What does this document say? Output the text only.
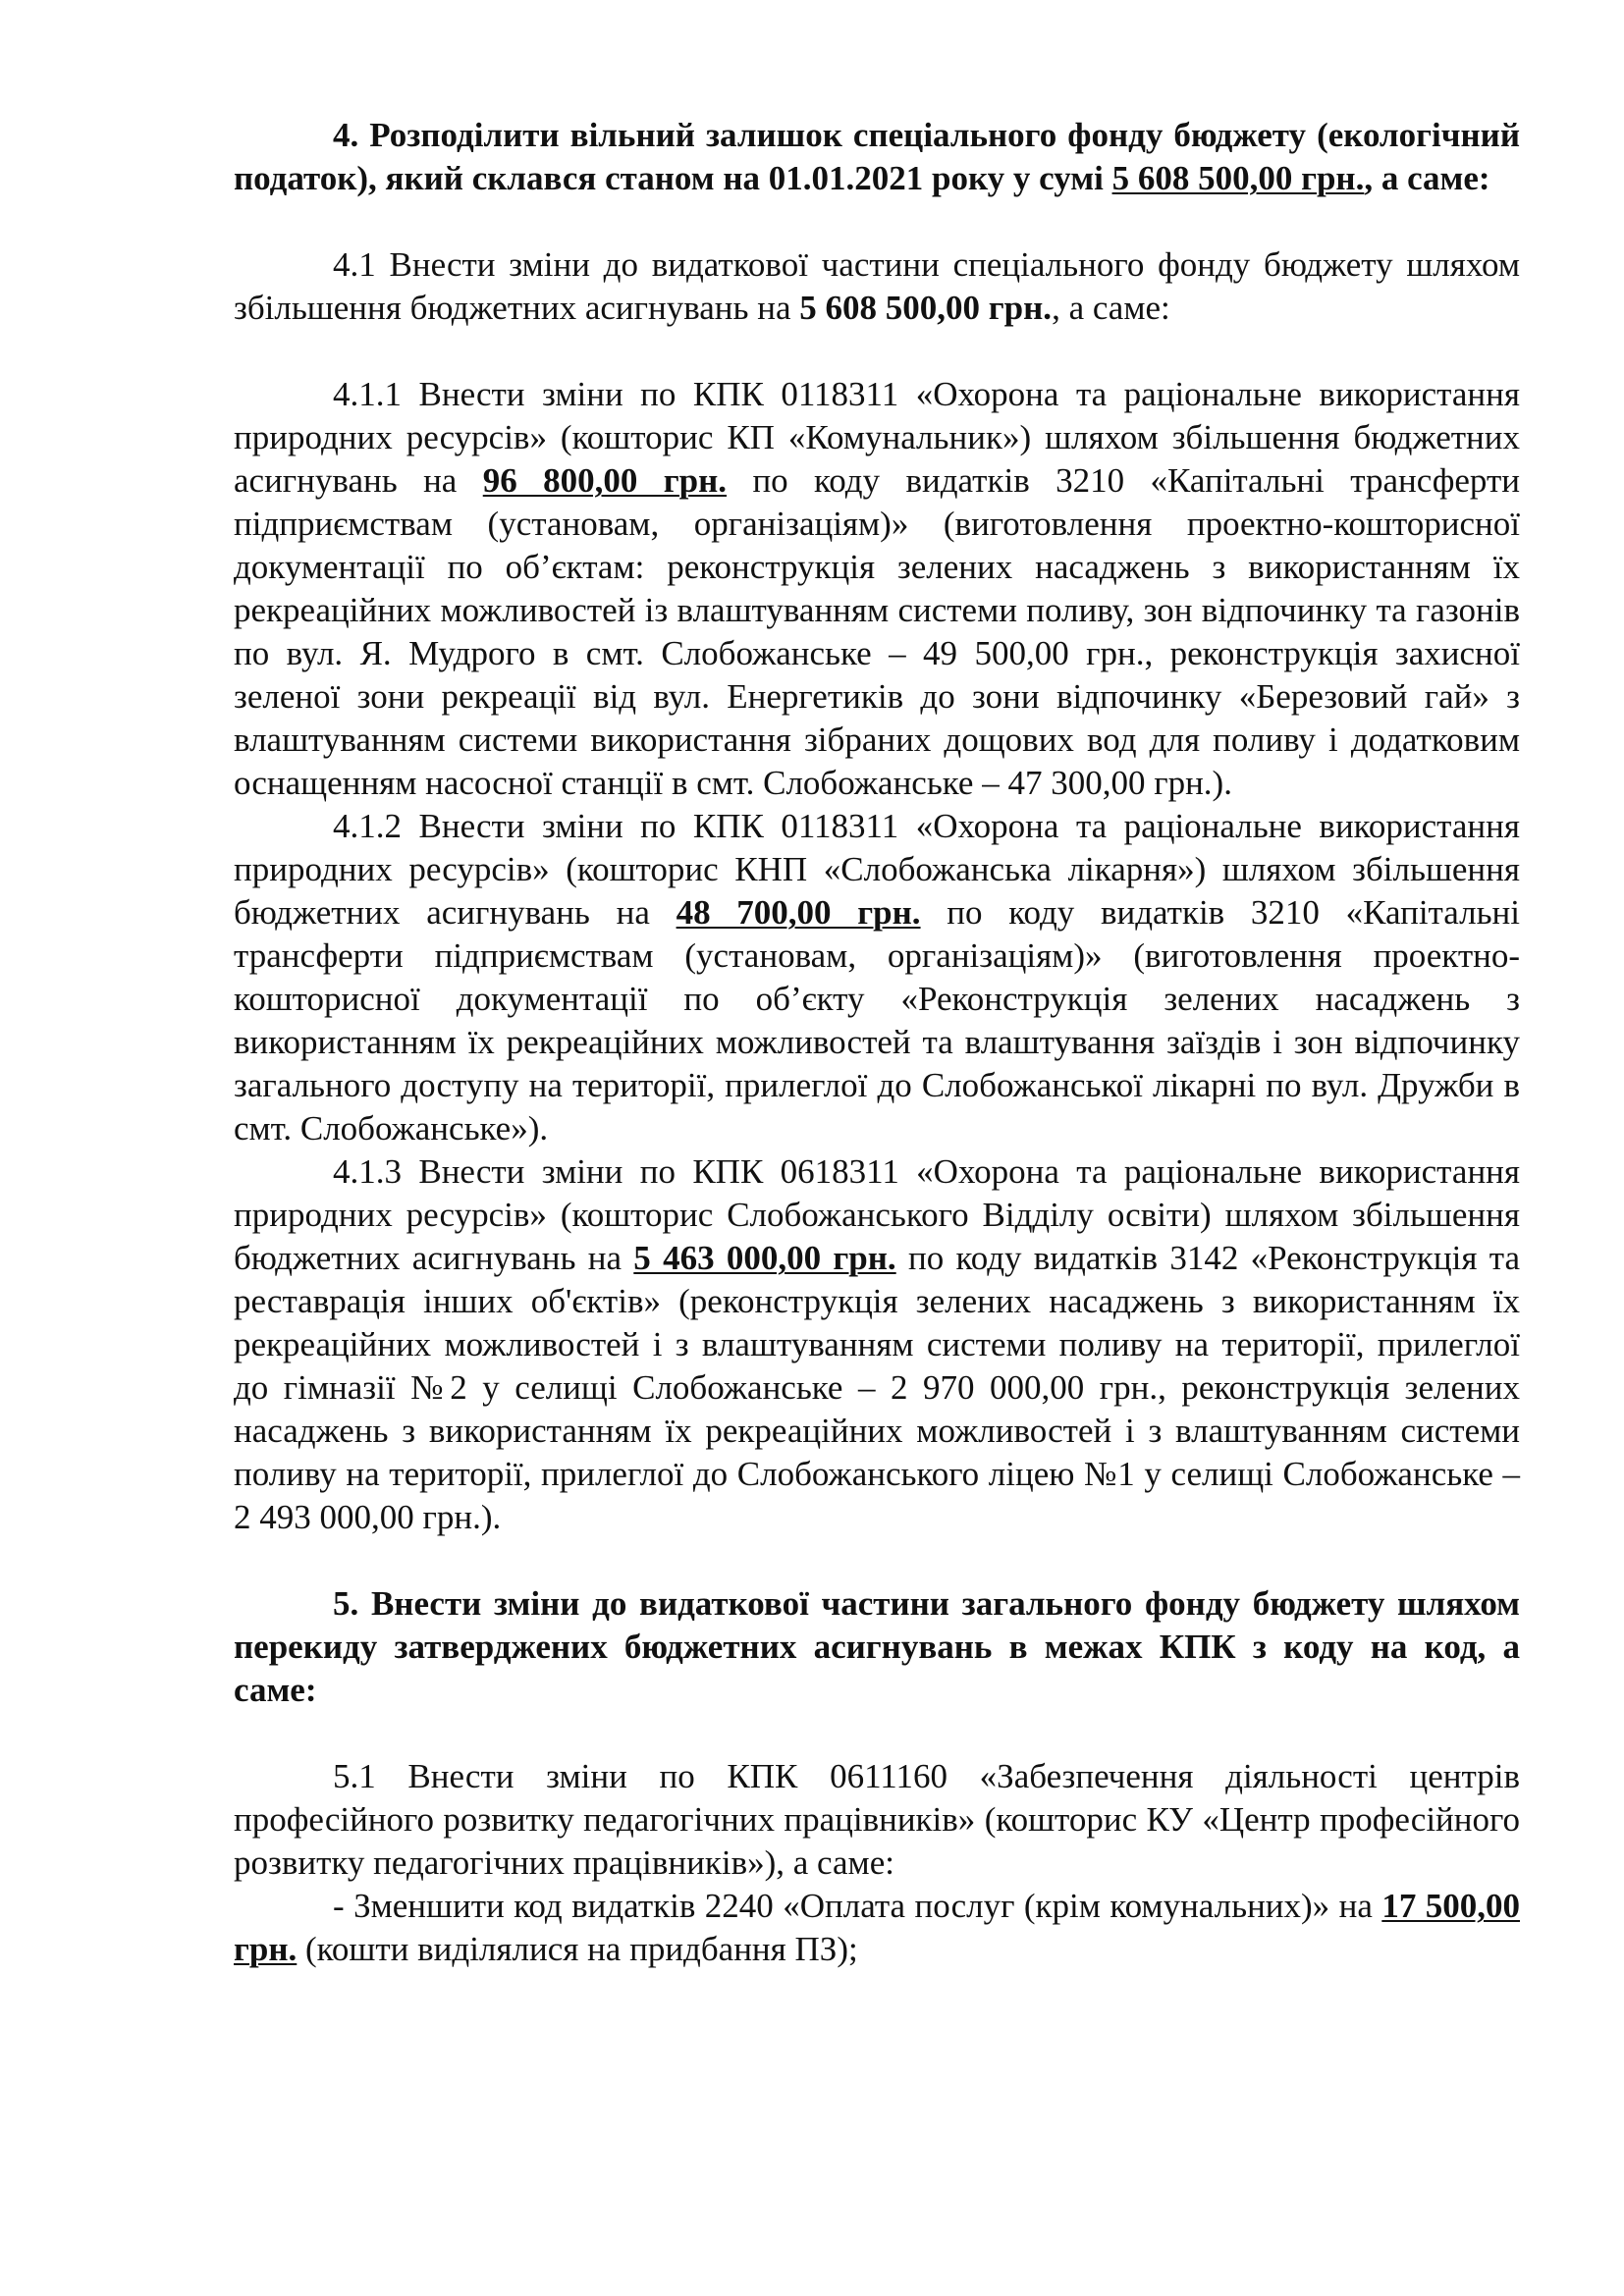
4. Розподілити вільний залишок спеціального фонду бюджету (екологічний податок), який склався станом на 01.01.2021 року у сумі 5 608 500,00 грн., а саме:

4.1 Внести зміни до видаткової частини спеціального фонду бюджету шляхом збільшення бюджетних асигнувань на 5 608 500,00 грн., а саме:

4.1.1 Внести зміни по КПК 0118311 «Охорона та раціональне використання природних ресурсів» (кошторис КП «Комунальник») шляхом збільшення бюджетних асигнувань на 96 800,00 грн. по коду видатків 3210 «Капітальні трансферти підприємствам (установам, організаціям)» (виготовлення проектно-кошторисної документації по об’єктам: реконструкція зелених насаджень з використанням їх рекреаційних можливостей із влаштуванням системи поливу, зон відпочинку та газонів по вул. Я. Мудрого в смт. Слобожанське – 49 500,00 грн., реконструкція захисної зеленої зони рекреації від вул. Енергетиків до зони відпочинку «Березовий гай» з влаштуванням системи використання зібраних дощових вод для поливу і додатковим оснащенням насосної станції в смт. Слобожанське – 47 300,00 грн.).

4.1.2 Внести зміни по КПК 0118311 «Охорона та раціональне використання природних ресурсів» (кошторис КНП «Слобожанська лікарня») шляхом збільшення бюджетних асигнувань на 48 700,00 грн. по коду видатків 3210 «Капітальні трансферти підприємствам (установам, організаціям)» (виготовлення проектно-кошторисної документації по об’єкту «Реконструкція зелених насаджень з використанням їх рекреаційних можливостей та влаштування заїздів і зон відпочинку загального доступу на території, прилеглої до Слобожанської лікарні по вул. Дружби в смт. Слобожанське»).

4.1.3 Внести зміни по КПК 0618311 «Охорона та раціональне використання природних ресурсів» (кошторис Слобожанського Відділу освіти) шляхом збільшення бюджетних асигнувань на 5 463 000,00 грн. по коду видатків 3142 «Реконструкція та реставрація інших об'єктів» (реконструкція зелених насаджень з використанням їх рекреаційних можливостей і з влаштуванням системи поливу на території, прилеглої до гімназії №2 у селищі Слобожанське – 2 970 000,00 грн., реконструкція зелених насаджень з використанням їх рекреаційних можливостей і з влаштуванням системи поливу на території, прилеглої до Слобожанського ліцею №1 у селищі Слобожанське – 2 493 000,00 грн.).

5. Внести зміни до видаткової частини загального фонду бюджету шляхом перекиду затверджених бюджетних асигнувань в межах КПК з коду на код, а саме:

5.1 Внести зміни по КПК 0611160 «Забезпечення діяльності центрів професійного розвитку педагогічних працівників» (кошторис КУ «Центр професійного розвитку педагогічних працівників»), а саме:

- Зменшити код видатків 2240 «Оплата послуг (крім комунальних)» на 17 500,00 грн. (кошти виділялися на придбання ПЗ);
